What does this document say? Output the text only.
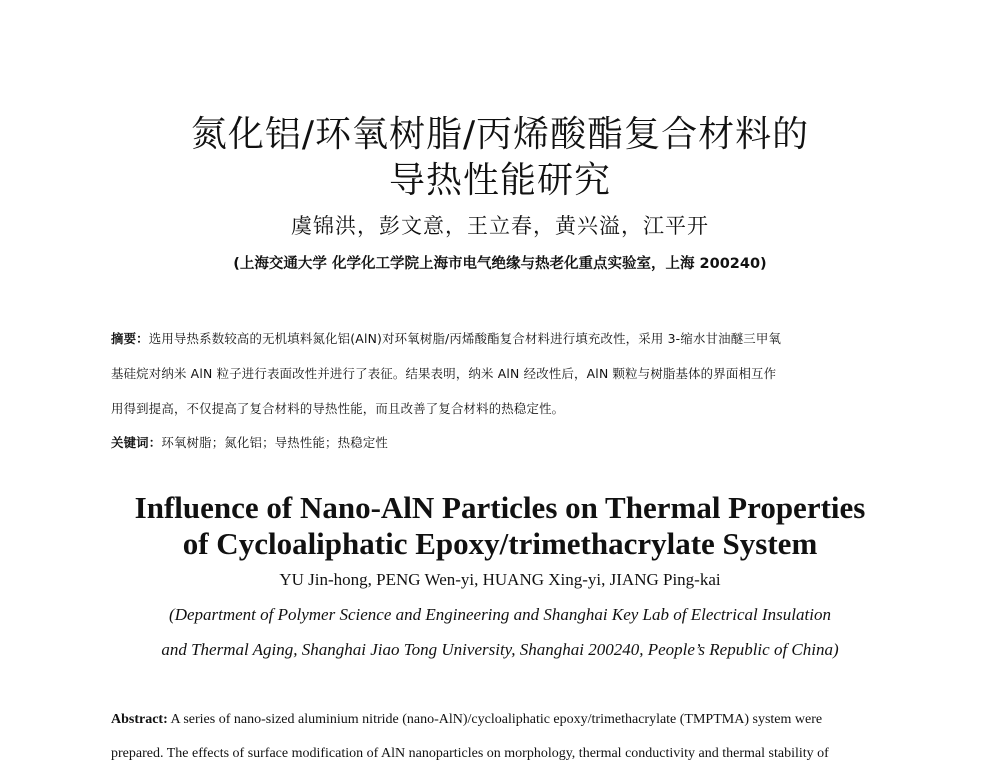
氮化铝/环氧树脂/丙烯酸酯复合材料的
导热性能研究
虞锦洪，彭文意，王立春，黄兴溢，江平开
(上海交通大学 化学化工学院上海市电气绝缘与热老化重点实验室，上海 200240)
摘要：选用导热系数较高的无机填料氮化铝(AlN)对环氧树脂/丙烯酸酯复合材料进行填充改性，采用 3-缩水甘油醚三甲氧
基硅烷对纳米 AlN 粒子进行表面改性并进行了表征。结果表明，纳米 AlN 经改性后，AlN 颗粒与树脂基体的界面相互作
用得到提高，不仅提高了复合材料的导热性能，而且改善了复合材料的热稳定性。
关键词：环氧树脂；氮化铝；导热性能；热稳定性
Influence of Nano-AlN Particles on Thermal Properties
of Cycloaliphatic Epoxy/trimethacrylate System
YU Jin-hong, PENG Wen-yi, HUANG Xing-yi, JIANG Ping-kai
(Department of Polymer Science and Engineering and Shanghai Key Lab of Electrical Insulation
and Thermal Aging, Shanghai Jiao Tong University, Shanghai 200240, People’s Republic of China)
Abstract: A series of nano-sized aluminium nitride (nano-AlN)/cycloaliphatic epoxy/trimethacrylate (TMPTMA) system were
prepared. The effects of surface modification of AlN nanoparticles on morphology, thermal conductivity and thermal stability of
